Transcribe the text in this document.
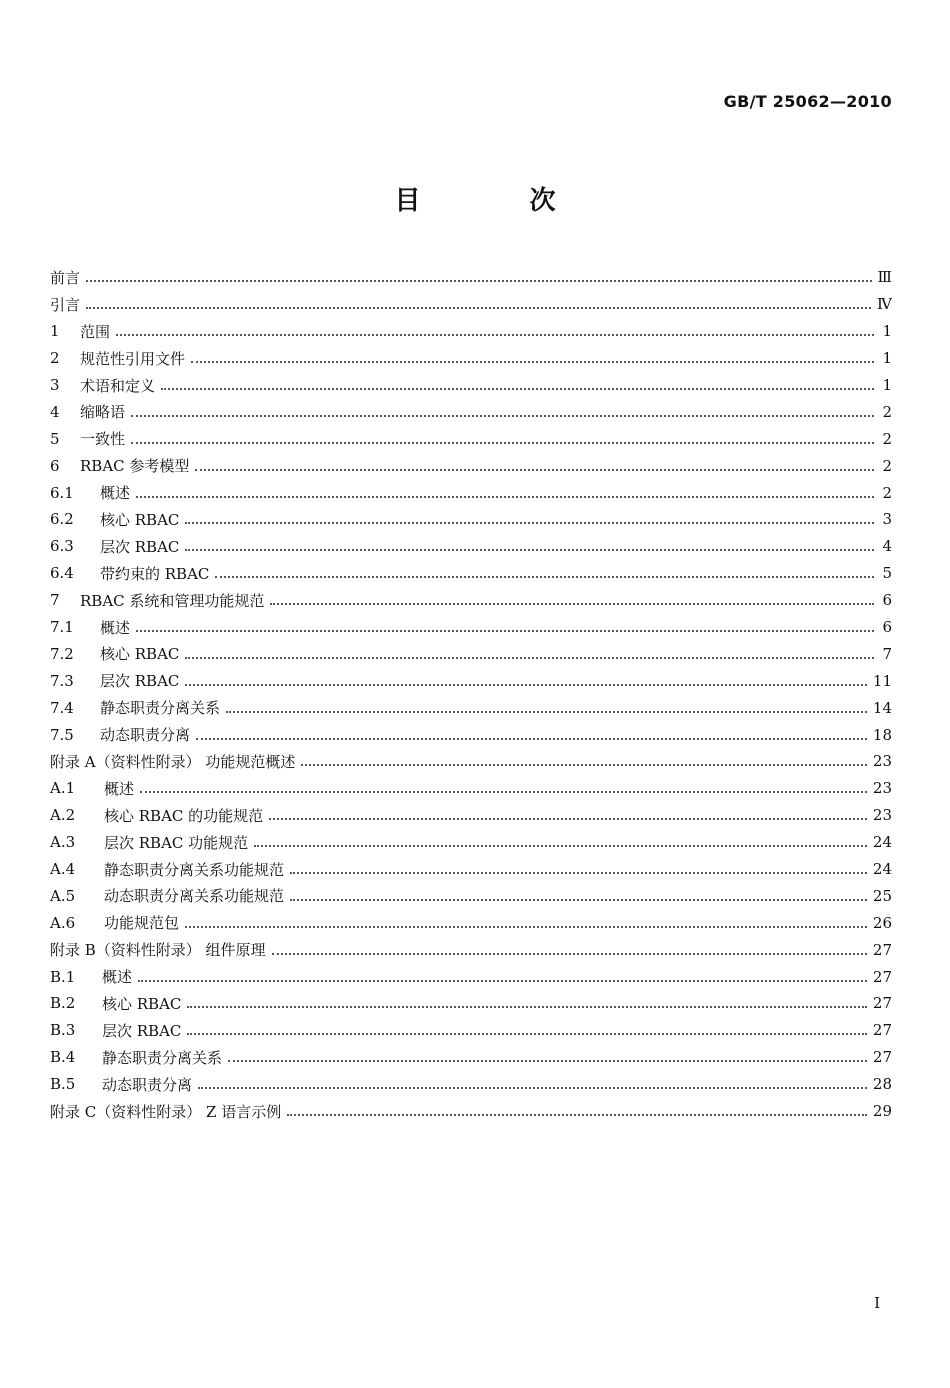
GB/T 25062—2010
目 次
前言	Ⅲ
引言	Ⅳ
1	范围	1
2	规范性引用文件	1
3	术语和定义	1
4	缩略语	2
5	一致性	2
6	RBAC 参考模型	2
6.1	概述	2
6.2	核心 RBAC	3
6.3	层次 RBAC	4
6.4	带约束的 RBAC	5
7	RBAC 系统和管理功能规范	6
7.1	概述	6
7.2	核心 RBAC	7
7.3	层次 RBAC	11
7.4	静态职责分离关系	14
7.5	动态职责分离	18
附录 A（资料性附录） 功能规范概述	23
A.1	概述	23
A.2	核心 RBAC 的功能规范	23
A.3	层次 RBAC 功能规范	24
A.4	静态职责分离关系功能规范	24
A.5	动态职责分离关系功能规范	25
A.6	功能规范包	26
附录 B（资料性附录） 组件原理	27
B.1	概述	27
B.2	核心 RBAC	27
B.3	层次 RBAC	27
B.4	静态职责分离关系	27
B.5	动态职责分离	28
附录 C（资料性附录） Z 语言示例	29
I
